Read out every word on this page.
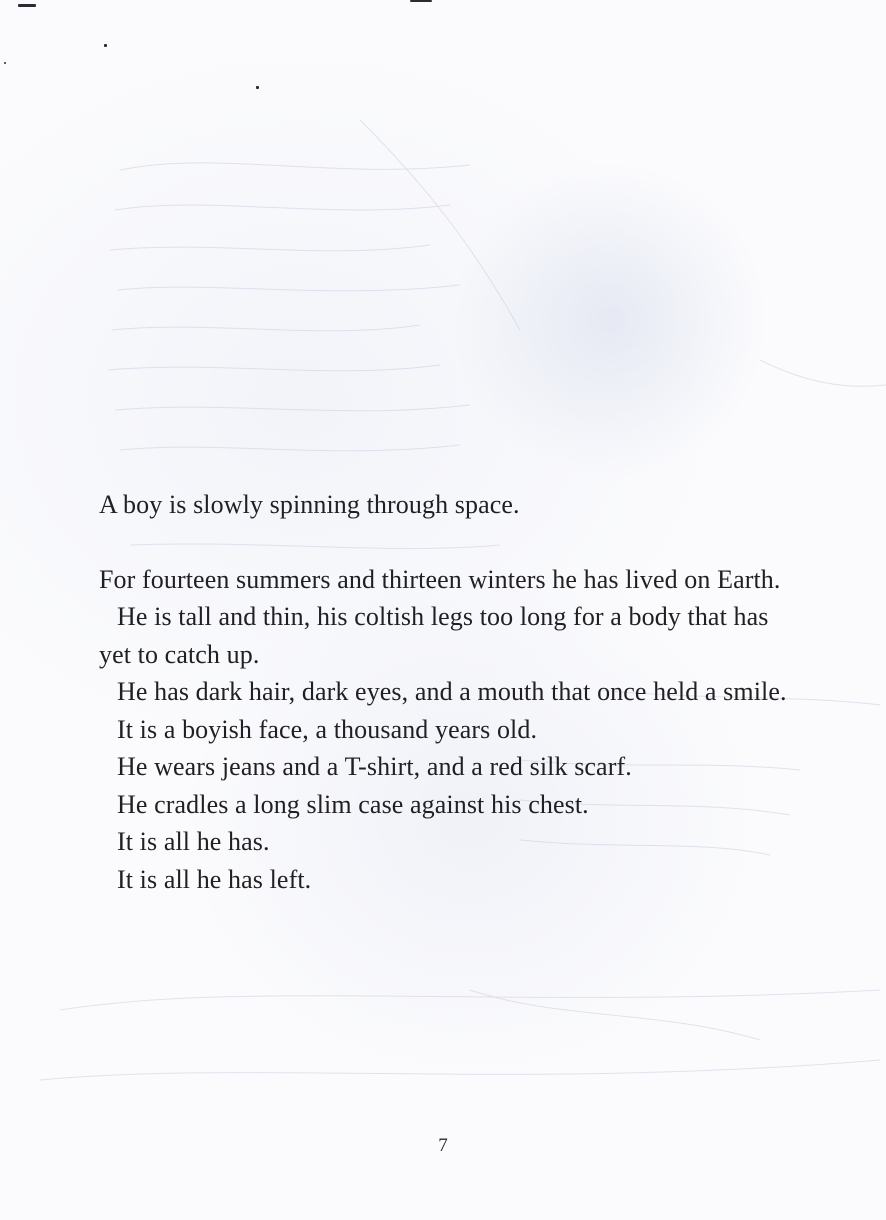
A boy is slowly spinning through space.

For fourteen summers and thirteen winters he has lived on Earth.

He is tall and thin, his coltish legs too long for a body that has yet to catch up.

He has dark hair, dark eyes, and a mouth that once held a smile.

It is a boyish face, a thousand years old.

He wears jeans and a T-shirt, and a red silk scarf.

He cradles a long slim case against his chest.

It is all he has.

It is all he has left.

7
